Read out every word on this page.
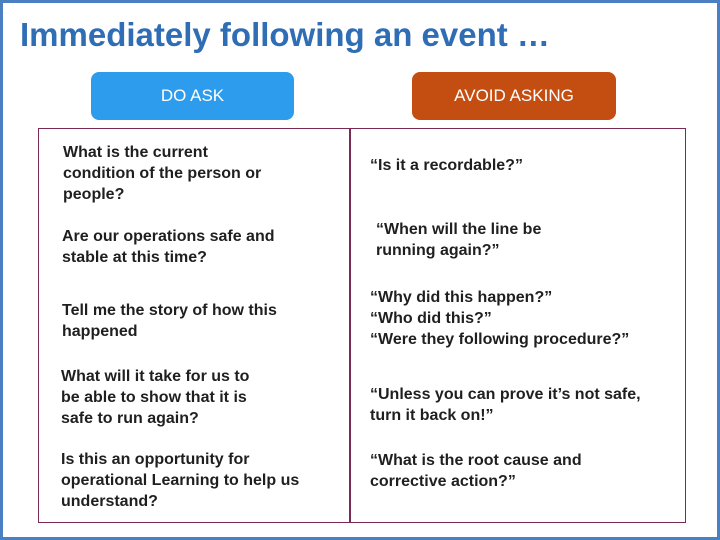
Immediately following an event …
DO ASK	AVOID ASKING
What is the current
condition of the person or
people?
Are our operations safe and
stable at this time?
Tell me the story of how this
happened
What will it take for us to
be able to show that it is
safe to run again?
Is this an opportunity for
operational Learning to help us
understand?
“Is it a recordable?”
“When will the line be
running again?”
“Why did this happen?”
“Who did this?”
“Were they following procedure?”
“Unless you can prove it’s not safe,
turn it back on!”
“What is the root cause and
corrective action?”
